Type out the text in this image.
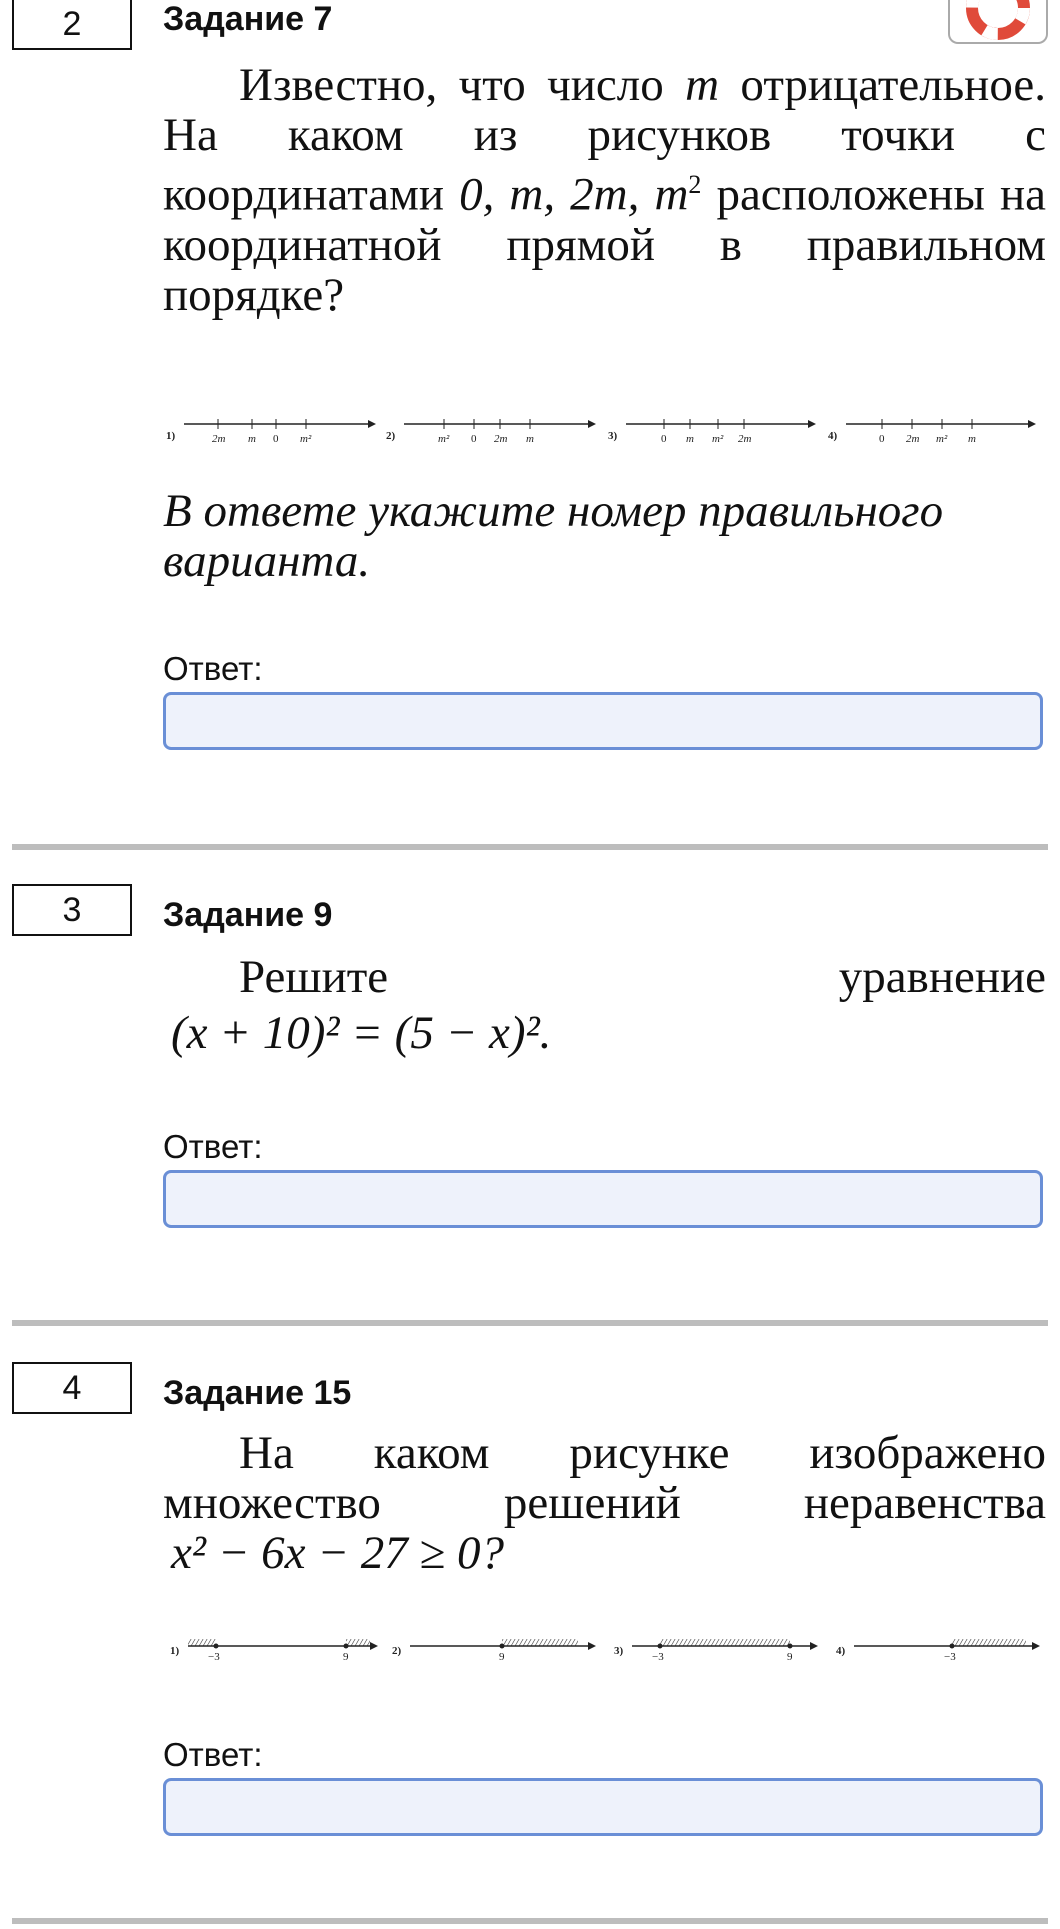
2	Задание 7
Известно, что число m отрицательное. На каком из рисунков точки с координатами 0, m, 2m, $m^2$ расположены на координатной прямой в правильном порядке?
1)	2m m 0 m²	2)	m² 0 2m m	3)	0 m m² 2m	4)	0 2m m² m
В ответе укажите номер правильного варианта.
Ответ:
3	Задание 9
Решите уравнение
(x + 10)² = (5 − x)².
Ответ:
4	Задание 15
На каком рисунке изображено множество решений неравенства
x² − 6x − 27 ≥ 0?
1)	−3	9	2)	9	3)	−3	9	4)	−3
Ответ:
